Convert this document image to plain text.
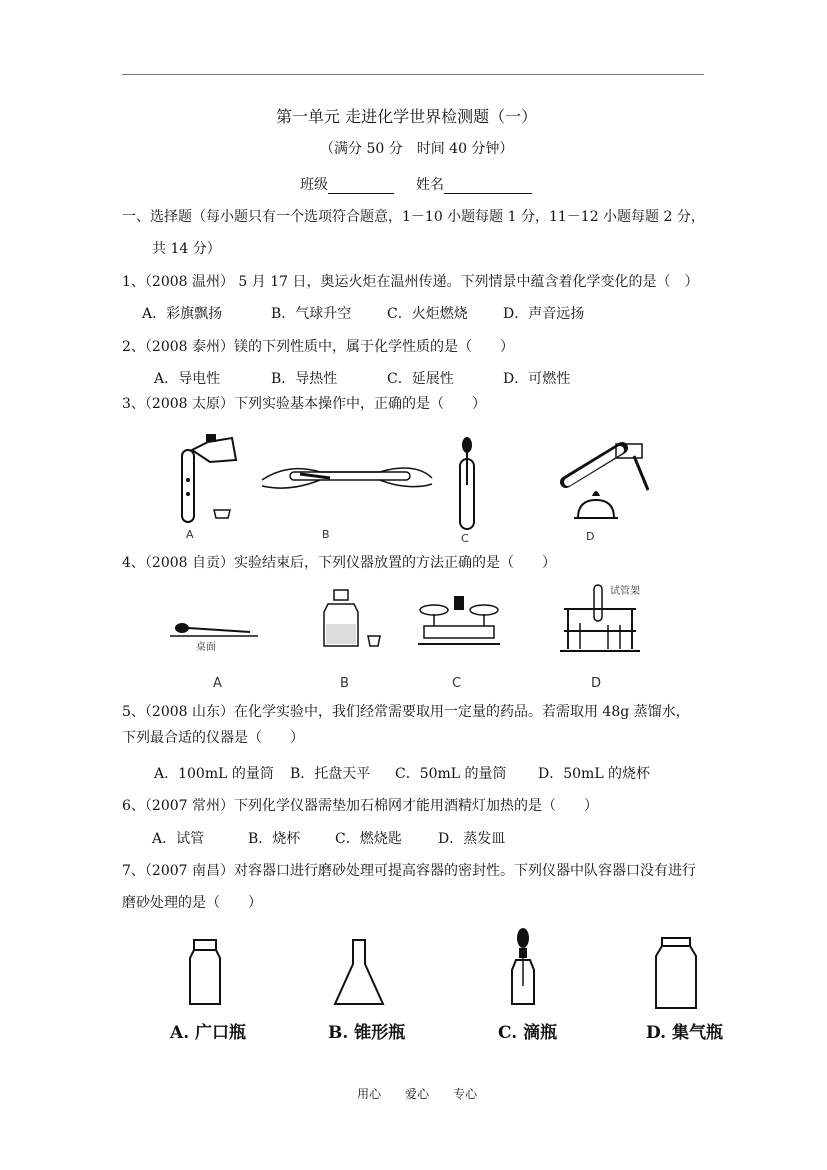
第一单元 走进化学世界检测题（一）
（满分 50 分　时间 40 分钟）
班级	姓名
一、选择题（每小题只有一个选项符合题意，1－10 小题每题 1 分，11－12 小题每题 2 分，
共 14 分）
1、（2008 温州） 5 月 17 日，奥运火炬在温州传递。下列情景中蕴含着化学变化的是（　）
A．彩旗飘扬	B．气球升空	C．火炬燃烧	D．声音远扬
2、（2008 泰州）镁的下列性质中，属于化学性质的是（　　）
A．导电性	B．导热性	C．延展性	D．可燃性
3、（2008 太原）下列实验基本操作中，正确的是（　　）
A	B	C	D
4、（2008 自贡）实验结束后，下列仪器放置的方法正确的是（　　）
桌面
试管架
A	B	C	D
5、（2008 山东）在化学实验中，我们经常需要取用一定量的药品。若需取用 48g 蒸馏水，
下列最合适的仪器是（　　）
A．100mL 的量筒 B．托盘天平 C．50mL 的量筒 D．50mL 的烧杯
6、（2007 常州）下列化学仪器需垫加石棉网才能用酒精灯加热的是（　　）
A．试管	B．烧杯 C．燃烧匙	D．蒸发皿
7、（2007 南昌）对容器口进行磨砂处理可提高容器的密封性。下列仪器中队容器口没有进行
磨砂处理的是（　　）
A. 广口瓶	B. 锥形瓶	C. 滴瓶	D. 集气瓶
用心　　爱心　　专心
